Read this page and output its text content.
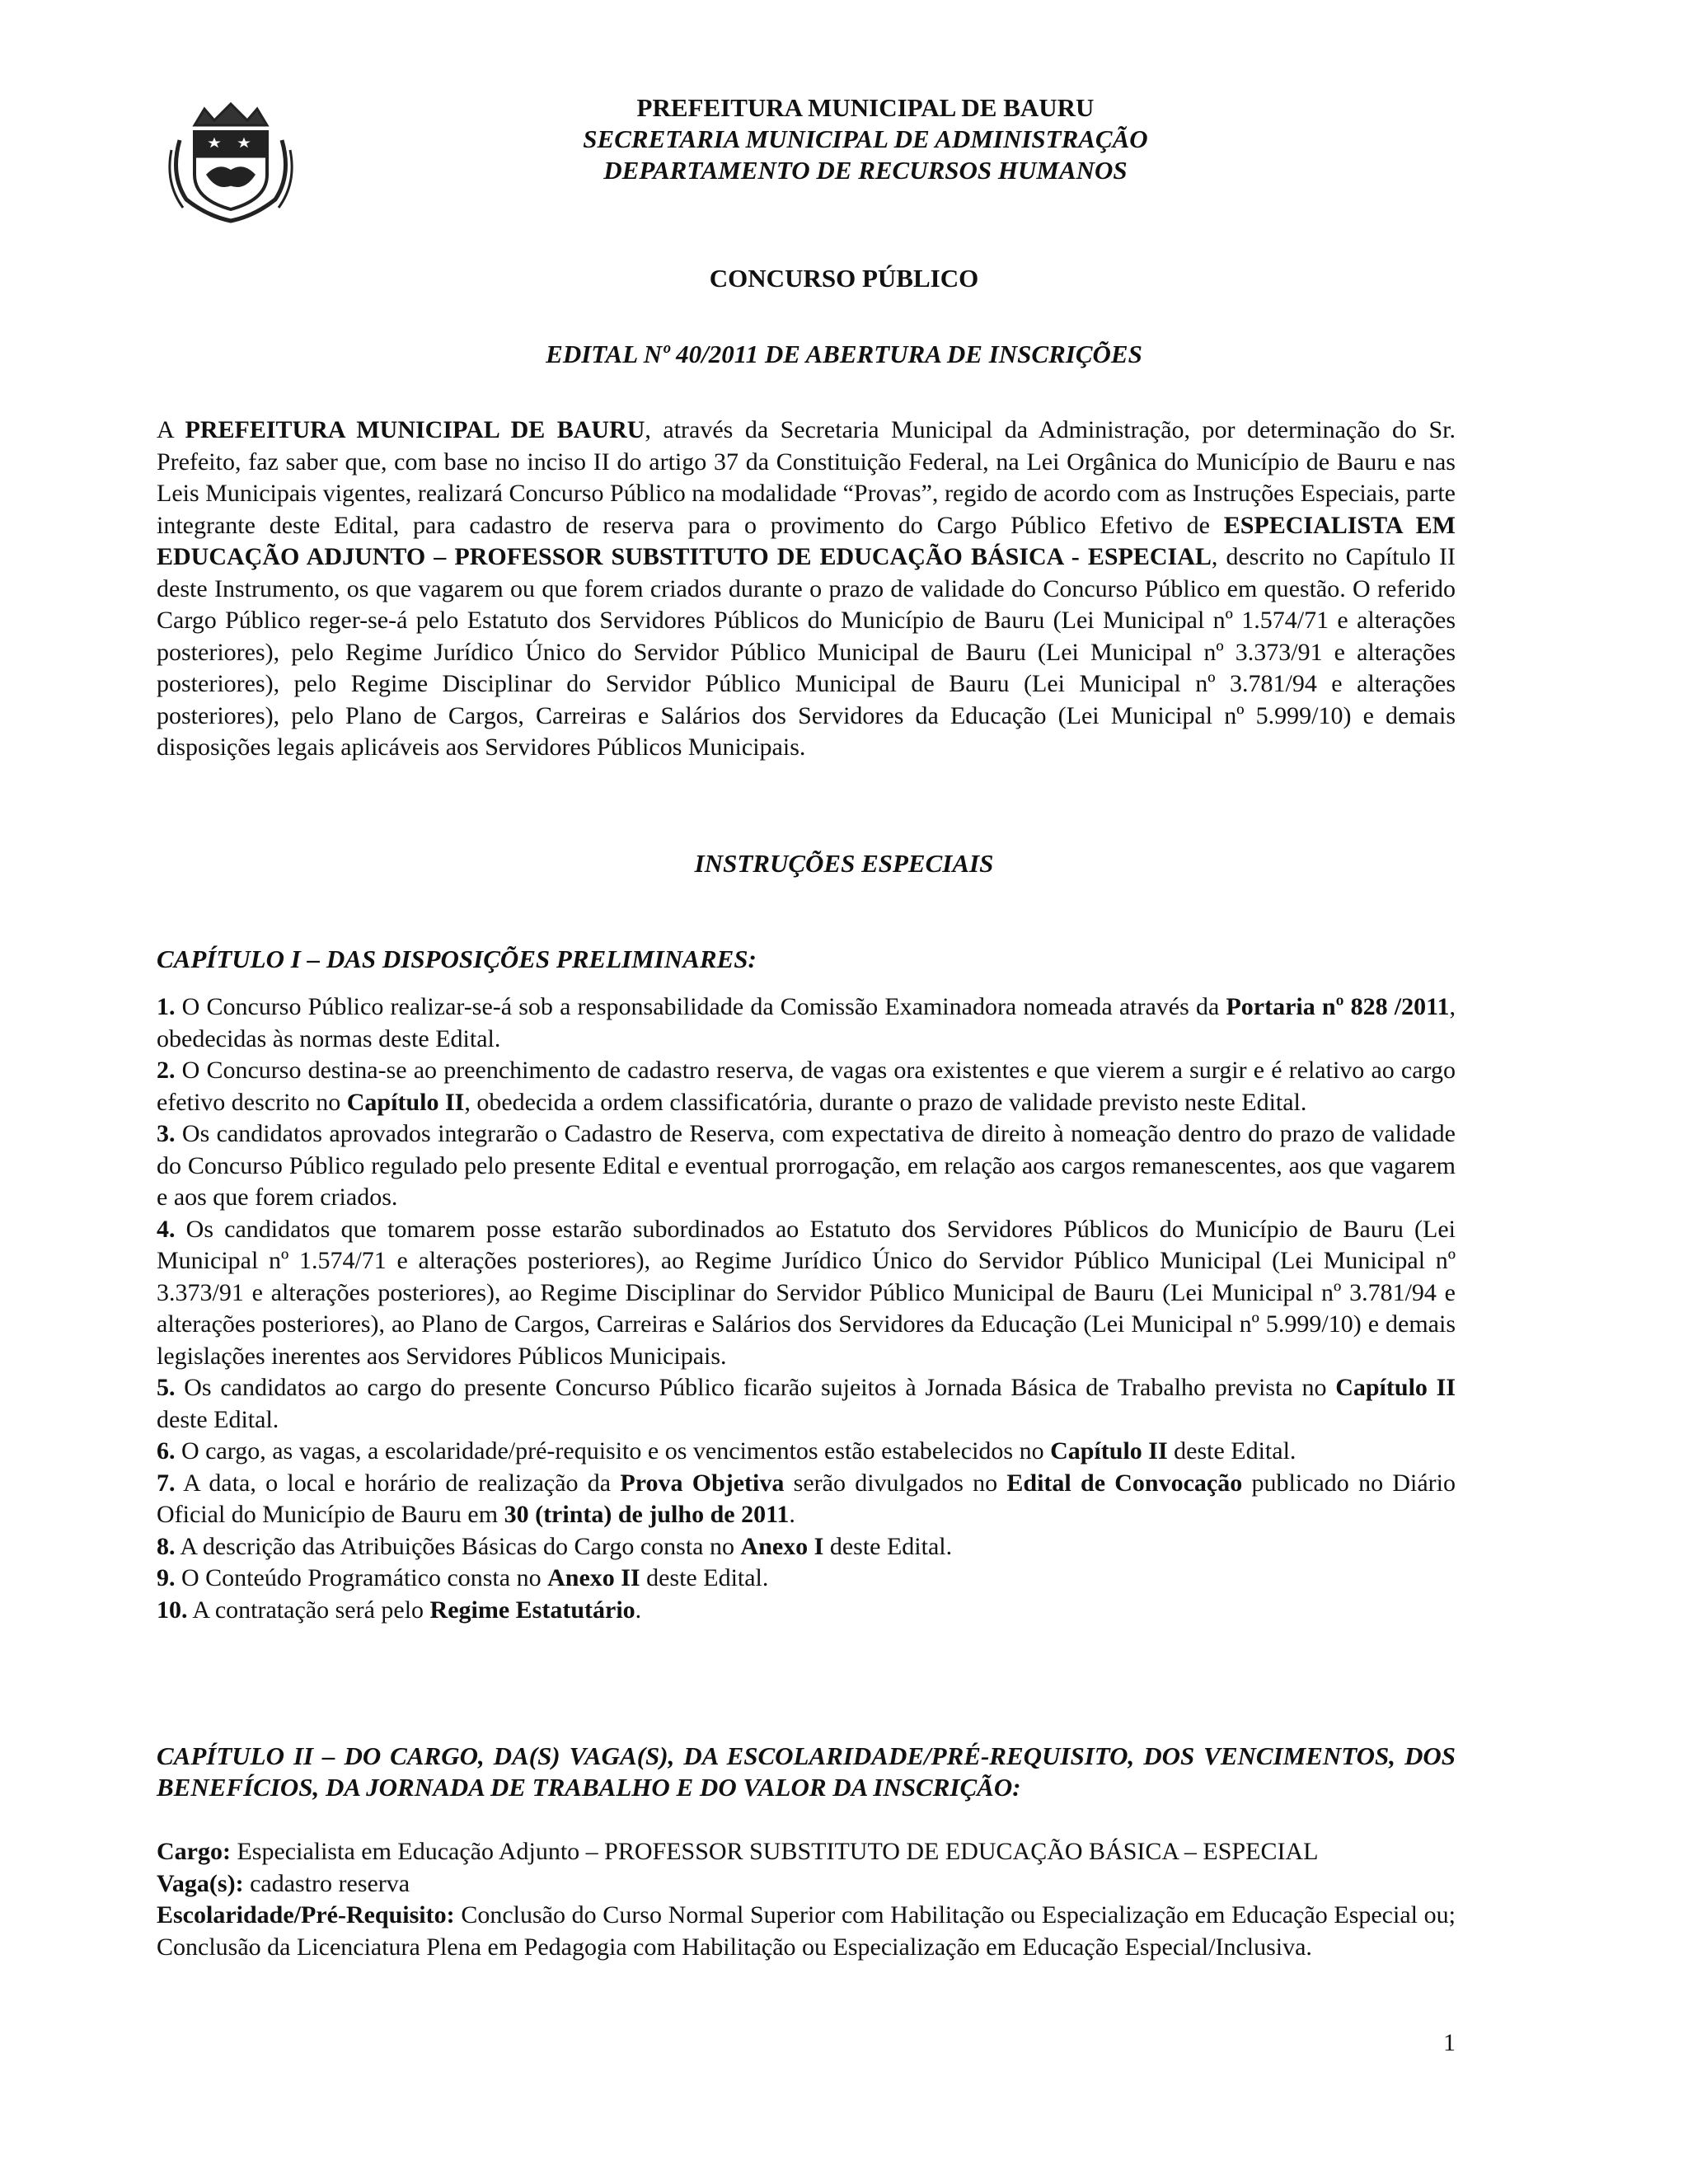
PREFEITURA MUNICIPAL DE BAURU
SECRETARIA MUNICIPAL DE ADMINISTRAÇÃO
DEPARTAMENTO DE RECURSOS HUMANOS
CONCURSO PÚBLICO
EDITAL Nº 40/2011 DE ABERTURA DE INSCRIÇÕES
A PREFEITURA MUNICIPAL DE BAURU, através da Secretaria Municipal da Administração, por determinação do Sr. Prefeito, faz saber que, com base no inciso II do artigo 37 da Constituição Federal, na Lei Orgânica do Município de Bauru e nas Leis Municipais vigentes, realizará Concurso Público na modalidade “Provas”, regido de acordo com as Instruções Especiais, parte integrante deste Edital, para cadastro de reserva para o provimento do Cargo Público Efetivo de ESPECIALISTA EM EDUCAÇÃO ADJUNTO – PROFESSOR SUBSTITUTO DE EDUCAÇÃO BÁSICA - ESPECIAL, descrito no Capítulo II deste Instrumento, os que vagarem ou que forem criados durante o prazo de validade do Concurso Público em questão. O referido Cargo Público reger-se-á pelo Estatuto dos Servidores Públicos do Município de Bauru (Lei Municipal nº 1.574/71 e alterações posteriores), pelo Regime Jurídico Único do Servidor Público Municipal de Bauru (Lei Municipal nº 3.373/91 e alterações posteriores), pelo Regime Disciplinar do Servidor Público Municipal de Bauru (Lei Municipal nº 3.781/94 e alterações posteriores), pelo Plano de Cargos, Carreiras e Salários dos Servidores da Educação (Lei Municipal nº 5.999/10) e demais disposições legais aplicáveis aos Servidores Públicos Municipais.
INSTRUÇÕES ESPECIAIS
CAPÍTULO I – DAS DISPOSIÇÕES PRELIMINARES:

1. O Concurso Público realizar-se-á sob a responsabilidade da Comissão Examinadora nomeada através da Portaria nº 828 /2011, obedecidas às normas deste Edital.

2. O Concurso destina-se ao preenchimento de cadastro reserva, de vagas ora existentes e que vierem a surgir e é relativo ao cargo efetivo descrito no Capítulo II, obedecida a ordem classificatória, durante o prazo de validade previsto neste Edital.

3. Os candidatos aprovados integrarão o Cadastro de Reserva, com expectativa de direito à nomeação dentro do prazo de validade do Concurso Público regulado pelo presente Edital e eventual prorrogação, em relação aos cargos remanescentes, aos que vagarem e aos que forem criados.

4. Os candidatos que tomarem posse estarão subordinados ao Estatuto dos Servidores Públicos do Município de Bauru (Lei Municipal nº 1.574/71 e alterações posteriores), ao Regime Jurídico Único do Servidor Público Municipal (Lei Municipal nº 3.373/91 e alterações posteriores), ao Regime Disciplinar do Servidor Público Municipal de Bauru (Lei Municipal nº 3.781/94 e alterações posteriores), ao Plano de Cargos, Carreiras e Salários dos Servidores da Educação (Lei Municipal nº 5.999/10) e demais legislações inerentes aos Servidores Públicos Municipais.

5. Os candidatos ao cargo do presente Concurso Público ficarão sujeitos à Jornada Básica de Trabalho prevista no Capítulo II deste Edital.

6. O cargo, as vagas, a escolaridade/pré-requisito e os vencimentos estão estabelecidos no Capítulo II deste Edital.

7. A data, o local e horário de realização da Prova Objetiva serão divulgados no Edital de Convocação publicado no Diário Oficial do Município de Bauru em 30 (trinta) de julho de 2011.

8. A descrição das Atribuições Básicas do Cargo consta no Anexo I deste Edital.

9. O Conteúdo Programático consta no Anexo II deste Edital.

10. A contratação será pelo Regime Estatutário.

CAPÍTULO II – DO CARGO, DA(S) VAGA(S), DA ESCOLARIDADE/PRÉ-REQUISITO, DOS VENCIMENTOS, DOS BENEFÍCIOS, DA JORNADA DE TRABALHO E DO VALOR DA INSCRIÇÃO:

Cargo: Especialista em Educação Adjunto – PROFESSOR SUBSTITUTO DE EDUCAÇÃO BÁSICA – ESPECIAL

Vaga(s): cadastro reserva

Escolaridade/Pré-Requisito: Conclusão do Curso Normal Superior com Habilitação ou Especialização em Educação Especial ou; Conclusão da Licenciatura Plena em Pedagogia com Habilitação ou Especialização em Educação Especial/Inclusiva.

1
